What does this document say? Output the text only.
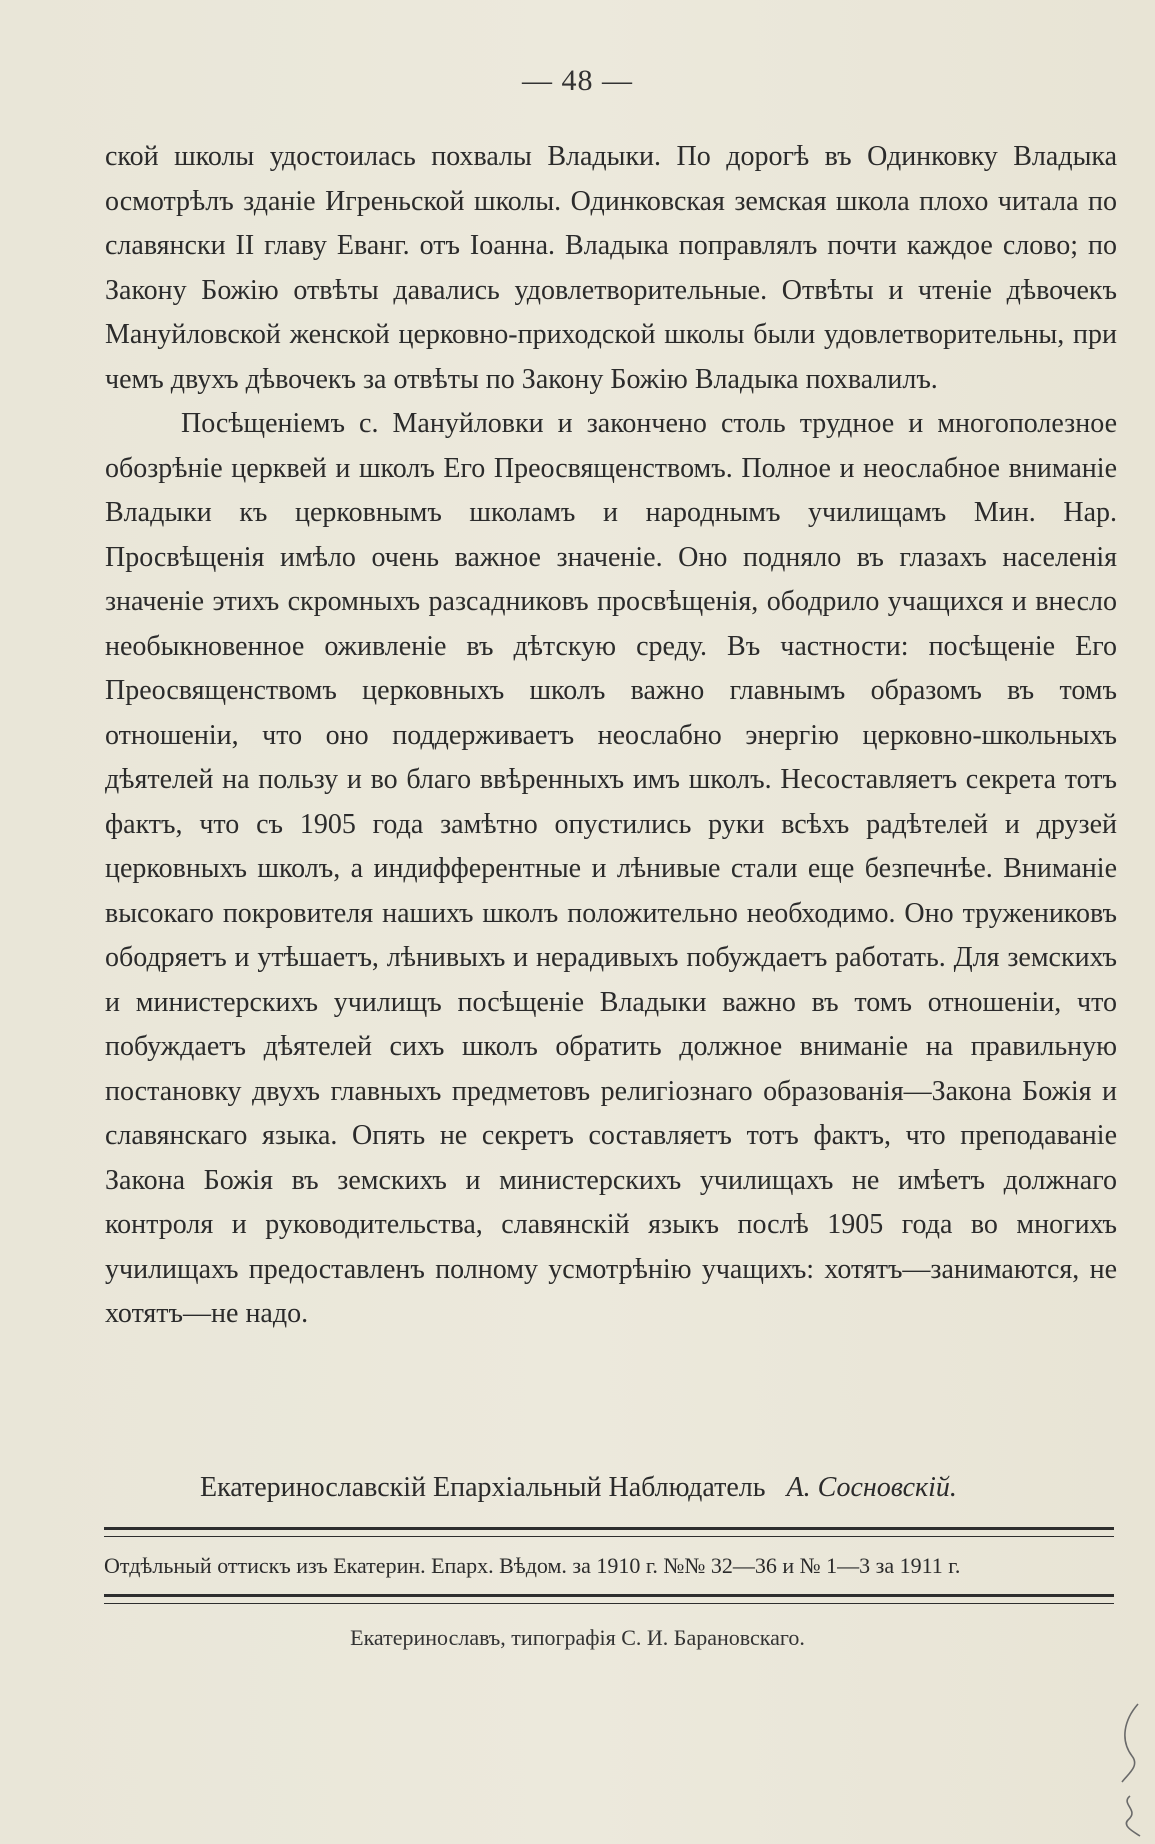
— 48 —

ской школы удостоилась похвалы Владыки. По дорогѣ въ Одинковку Владыка осмотрѣлъ зданіе Игреньской школы. Одинковская земская школа плохо читала по славянски II главу Еванг. отъ Іоанна. Владыка поправлялъ почти каждое слово; по Закону Божію отвѣты давались удовлетворительные. Отвѣты и чтеніе дѣвочекъ Мануйловской женской церковно-приходской школы были удовлетворительны, при чемъ двухъ дѣвочекъ за отвѣты по Закону Божію Владыка похвалилъ.

Посѣщеніемъ с. Мануйловки и закончено столь трудное и многополезное обозрѣніе церквей и школъ Его Преосвященствомъ. Полное и неослабное вниманіе Владыки къ церковнымъ школамъ и народнымъ училищамъ Мин. Нар. Просвѣщенія имѣло очень важное значеніе. Оно подняло въ глазахъ населенія значеніе этихъ скромныхъ разсадниковъ просвѣщенія, ободрило учащихся и внесло необыкновенное оживленіе въ дѣтскую среду. Въ частности: посѣщеніе Его Преосвященствомъ церковныхъ школъ важно главнымъ образомъ въ томъ отношеніи, что оно поддерживаетъ неослабно энергію церковно-школьныхъ дѣятелей на пользу и во благо ввѣренныхъ имъ школъ. Несоставляетъ секрета тотъ фактъ, что съ 1905 года замѣтно опустились руки всѣхъ радѣтелей и друзей церковныхъ школъ, а индифферентные и лѣнивые стали еще безпечнѣе. Вниманіе высокаго покровителя нашихъ школъ положительно необходимо. Оно тружениковъ ободряетъ и утѣшаетъ, лѣнивыхъ и нерадивыхъ побуждаетъ работать. Для земскихъ и министерскихъ училищъ посѣщеніе Владыки важно въ томъ отношеніи, что побуждаетъ дѣятелей сихъ школъ обратить должное вниманіе на правильную постановку двухъ главныхъ предметовъ религіознаго образованія—Закона Божія и славянскаго языка. Опять не секретъ составляетъ тотъ фактъ, что преподаваніе Закона Божія въ земскихъ и министерскихъ училищахъ не имѣетъ должнаго контроля и руководительства, славянскій языкъ послѣ 1905 года во многихъ училищахъ предоставленъ полному усмотрѣнію учащихъ: хотятъ—занимаются, не хотятъ—не надо.

Екатеринославскій Епархіальный Наблюдатель А. Сосновскій.
Отдѣльный оттискъ изъ Екатерин. Епарх. Вѣдом. за 1910 г. №№ 32—36 и № 1—3 за 1911 г.
Екатеринославъ, типографія С. И. Барановскаго.
